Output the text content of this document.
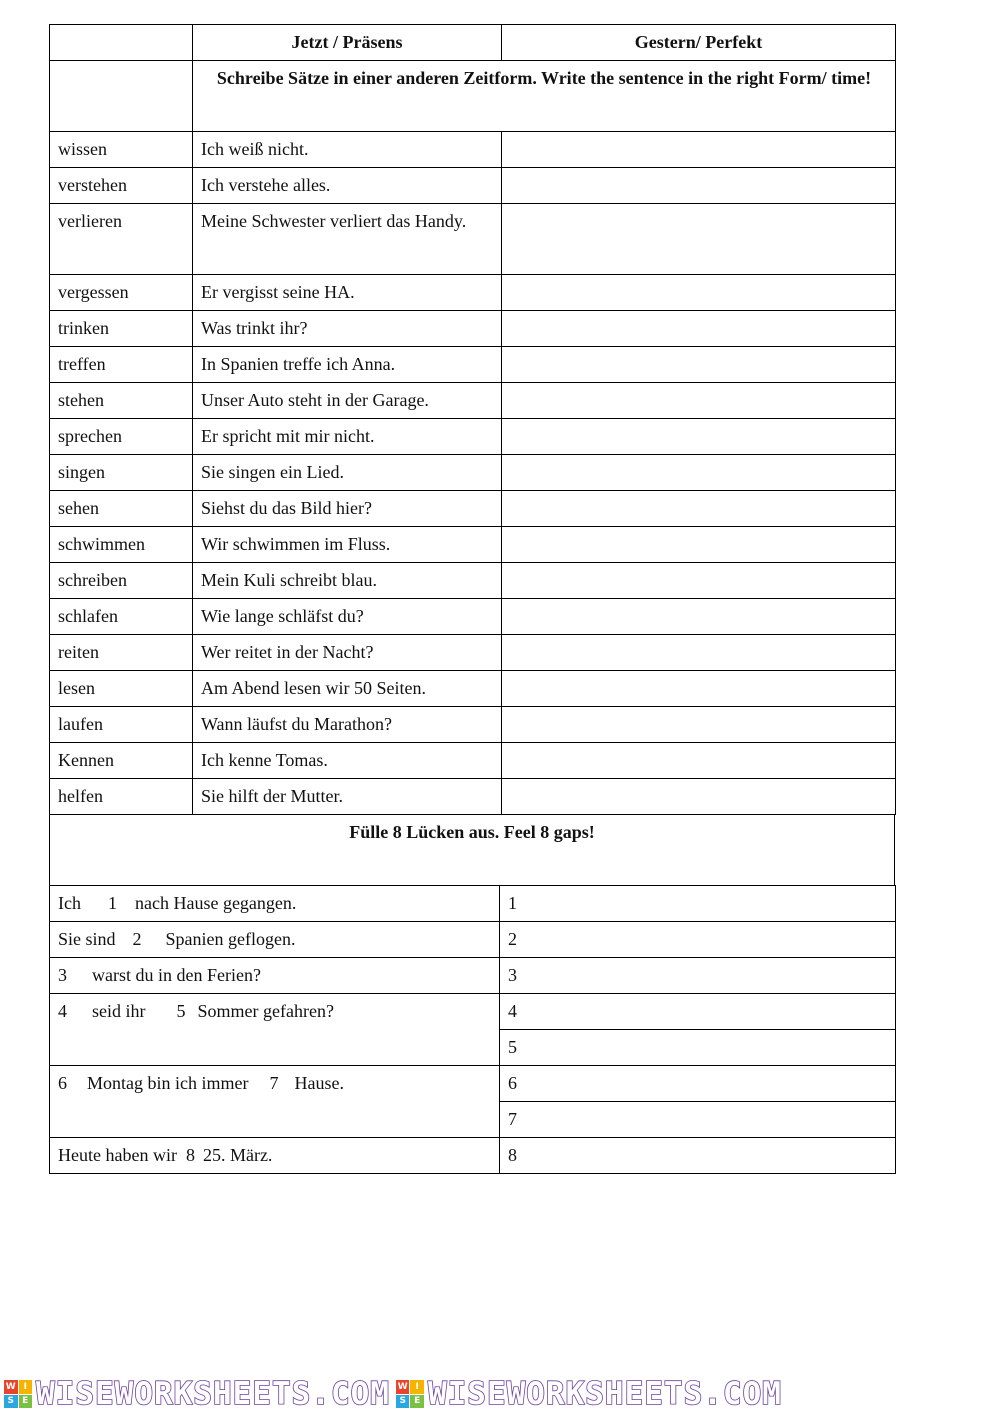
	Jetzt / Präsens	Gestern/ Perfekt
	Schreibe Sätze in einer anderen Zeitform. Write the sentence in the right Form/ time!	
wissen	Ich weiß nicht.	
verstehen	Ich verstehe alles.	
verlieren	Meine Schwester verliert das Handy.	
vergessen	Er vergisst seine HA.	
trinken	Was trinkt ihr?	
treffen	In Spanien treffe ich Anna.	
stehen	Unser Auto steht in der Garage.	
sprechen	Er spricht mit mir nicht.	
singen	Sie singen ein Lied.	
sehen	Siehst du das Bild hier?	
schwimmen	Wir schwimmen im Fluss.	
schreiben	Mein Kuli schreibt blau.	
schlafen	Wie lange schläfst du?	
reiten	Wer reitet in der Nacht?	
lesen	Am Abend lesen wir 50 Seiten.	
laufen	Wann läufst du Marathon?	
Kennen	Ich kenne Tomas.	
helfen	Sie hilft der Mutter.	
Fülle 8 Lücken aus. Feel 8 gaps!
Ich 1 nach Hause gegangen.	1
Sie sind 2 Spanien geflogen.	2
3 warst du in den Ferien?	3
4 seid ihr 5 Sommer gefahren?	4
	5
6 Montag bin ich immer 7 Hause.	6
	7
Heute haben wir 8 25. März.	8
W I
S E WISEWORKSHEETS.COM W I
S E WISEWORKSHEETS.COM
